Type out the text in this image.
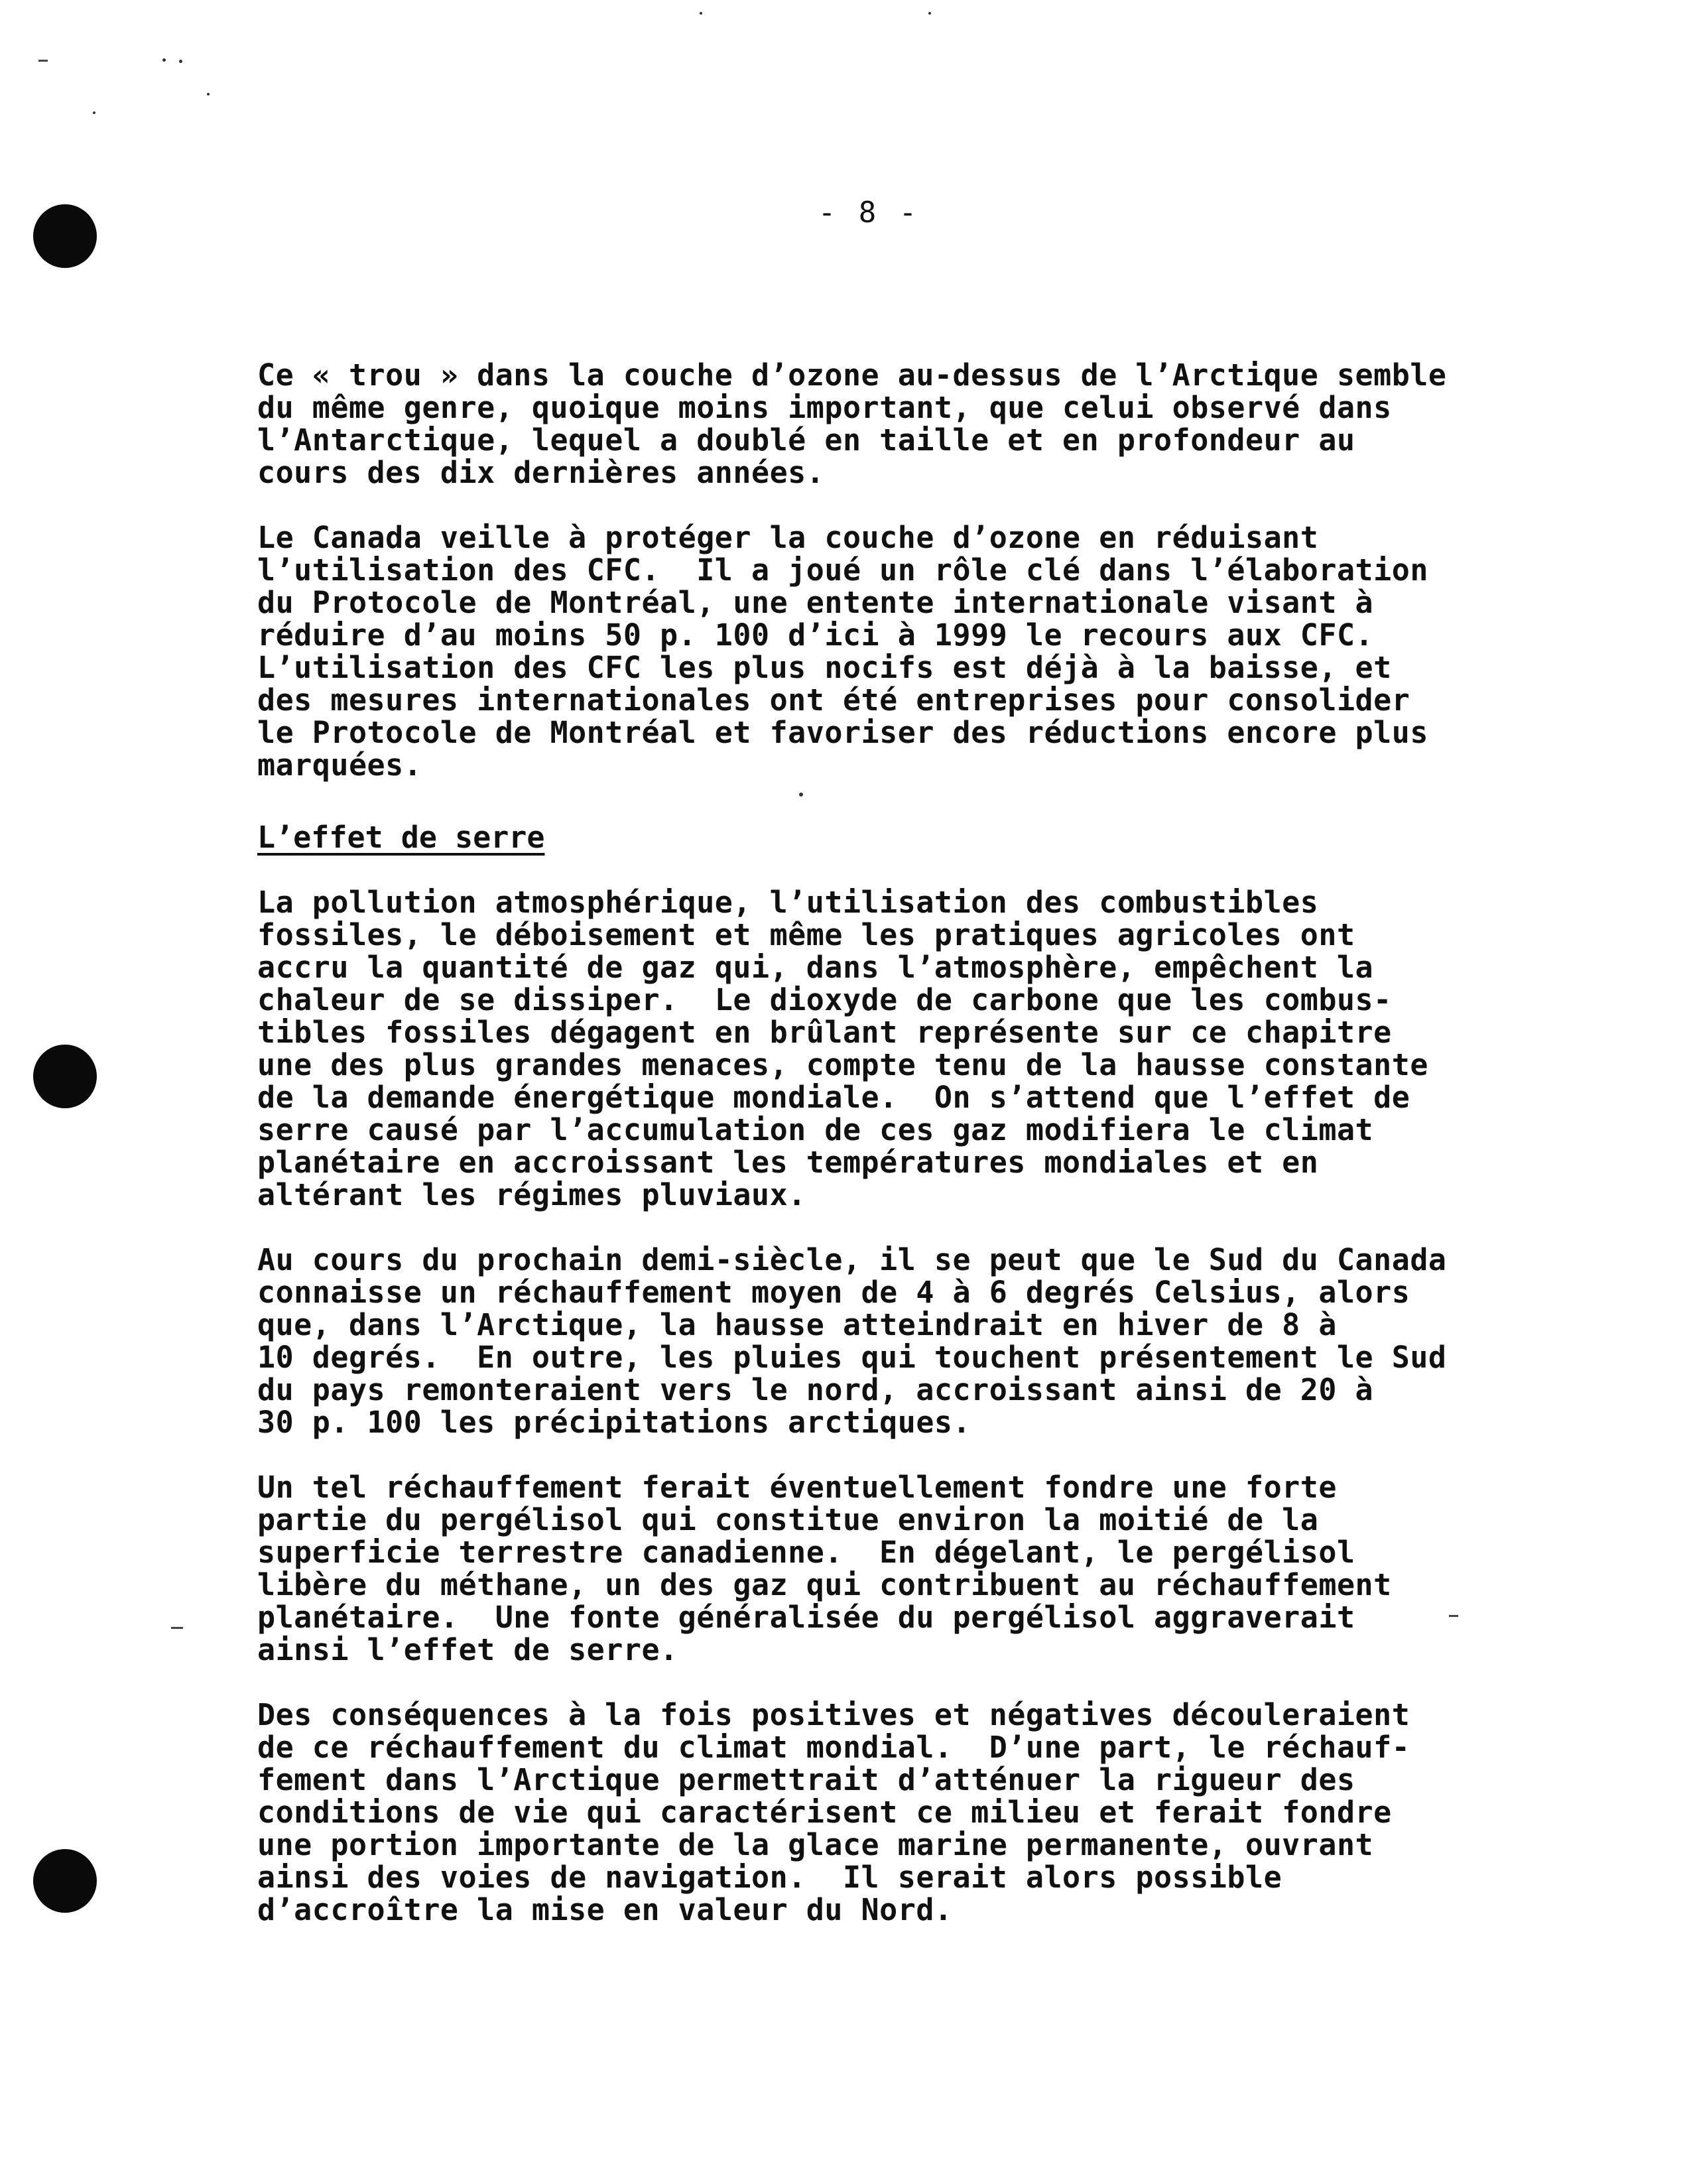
- 8 -
Ce « trou » dans la couche d’ozone au-dessus de l’Arctique semble
du même genre, quoique moins important, que celui observé dans
l’Antarctique, lequel a doublé en taille et en profondeur au
cours des dix dernières années.
Le Canada veille à protéger la couche d’ozone en réduisant
l’utilisation des CFC.  Il a joué un rôle clé dans l’élaboration
du Protocole de Montréal, une entente internationale visant à
réduire d’au moins 50 p. 100 d’ici à 1999 le recours aux CFC.
L’utilisation des CFC les plus nocifs est déjà à la baisse, et
des mesures internationales ont été entreprises pour consolider
le Protocole de Montréal et favoriser des réductions encore plus
marquées.
L’effet de serre
La pollution atmosphérique, l’utilisation des combustibles
fossiles, le déboisement et même les pratiques agricoles ont
accru la quantité de gaz qui, dans l’atmosphère, empêchent la
chaleur de se dissiper.  Le dioxyde de carbone que les combus-
tibles fossiles dégagent en brûlant représente sur ce chapitre
une des plus grandes menaces, compte tenu de la hausse constante
de la demande énergétique mondiale.  On s’attend que l’effet de
serre causé par l’accumulation de ces gaz modifiera le climat
planétaire en accroissant les températures mondiales et en
altérant les régimes pluviaux.
Au cours du prochain demi-siècle, il se peut que le Sud du Canada
connaisse un réchauffement moyen de 4 à 6 degrés Celsius, alors
que, dans l’Arctique, la hausse atteindrait en hiver de 8 à
10 degrés.  En outre, les pluies qui touchent présentement le Sud
du pays remonteraient vers le nord, accroissant ainsi de 20 à
30 p. 100 les précipitations arctiques.
Un tel réchauffement ferait éventuellement fondre une forte
partie du pergélisol qui constitue environ la moitié de la
superficie terrestre canadienne.  En dégelant, le pergélisol
libère du méthane, un des gaz qui contribuent au réchauffement
planétaire.  Une fonte généralisée du pergélisol aggraverait
ainsi l’effet de serre.
Des conséquences à la fois positives et négatives découleraient
de ce réchauffement du climat mondial.  D’une part, le réchauf-
fement dans l’Arctique permettrait d’atténuer la rigueur des
conditions de vie qui caractérisent ce milieu et ferait fondre
une portion importante de la glace marine permanente, ouvrant
ainsi des voies de navigation.  Il serait alors possible
d’accroître la mise en valeur du Nord.
